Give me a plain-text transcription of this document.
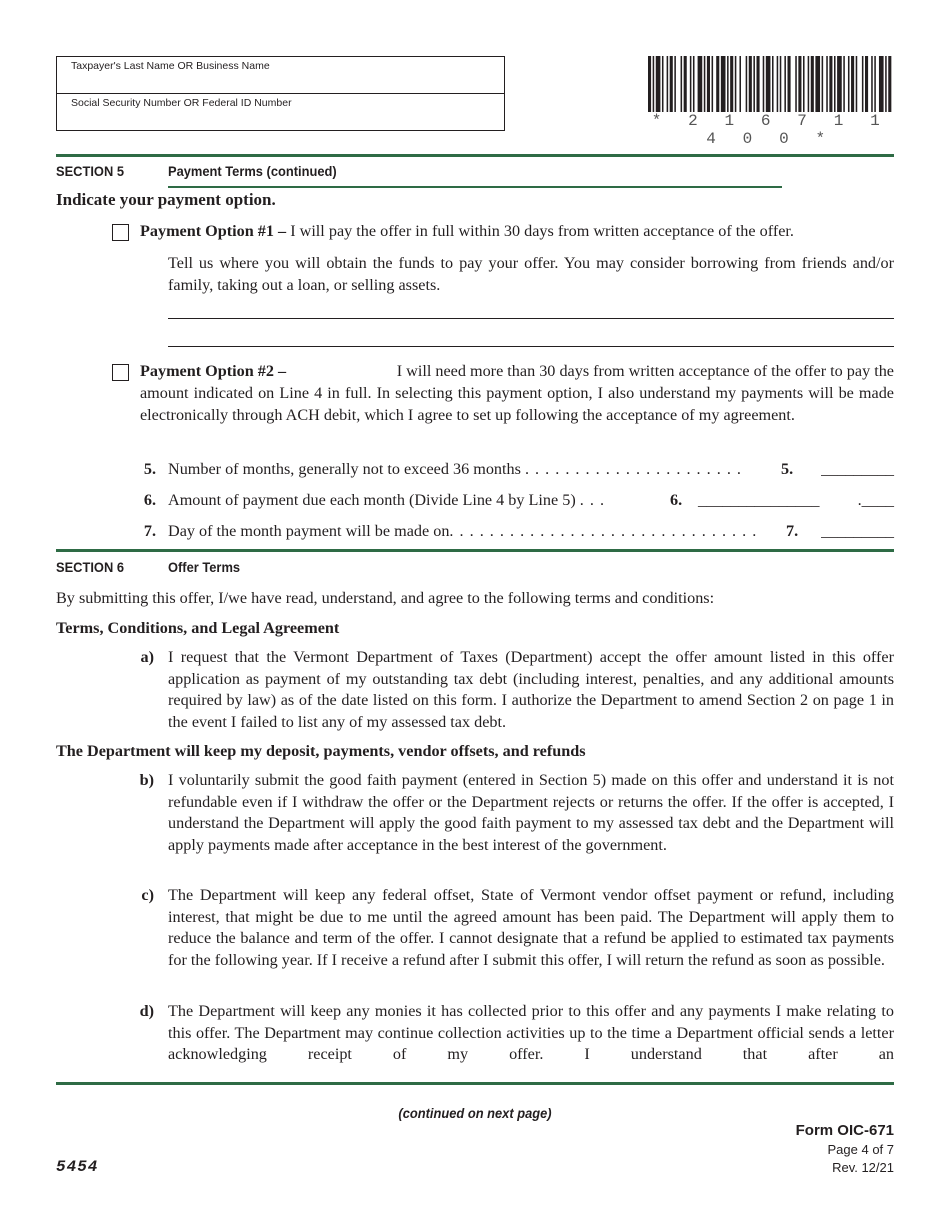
Taxpayer's Last Name OR Business Name
Social Security Number OR Federal ID Number
* 2 1 6 7 1 1 4 0 0 *
SECTION 5	Payment Terms (continued)
Indicate your payment option.
Payment Option #1 – I will pay the offer in full within 30 days from written acceptance of the offer.
Tell us where you will obtain the funds to pay your offer. You may consider borrowing from friends and/or family, taking out a loan, or selling assets.
Payment Option #2 –	I will need more than 30 days from written acceptance of the offer to pay the
amount indicated on Line 4 in full. In selecting this payment option, I also understand my payments will be made electronically through ACH debit, which I agree to set up following the acceptance of my agreement.
5. Number of months, generally not to exceed 36 months . . . . . . . . . . . . . . . . . . . . . . 5. _________
6. Amount of payment due each month (Divide Line 4 by Line 5) . . .	6. _______________ .____
7. Day of the month payment will be made on. . . . . . . . . . . . . . . . . . . . . . . . . . . . . . . 7. _________
SECTION 6	Offer Terms
By submitting this offer, I/we have read, understand, and agree to the following terms and conditions:
Terms, Conditions, and Legal Agreement
a) I request that the Vermont Department of Taxes (Department) accept the offer amount listed in this offer application as payment of my outstanding tax debt (including interest, penalties, and any additional amounts required by law) as of the date listed on this form. I authorize the Department to amend Section 2 on page 1 in the event I failed to list any of my assessed tax debt.
The Department will keep my deposit, payments, vendor offsets, and refunds
b) I voluntarily submit the good faith payment (entered in Section 5) made on this offer and understand it is not refundable even if I withdraw the offer or the Department rejects or returns the offer. If the offer is accepted, I understand the Department will apply the good faith payment to my assessed tax debt and the Department will apply payments made after acceptance in the best interest of the government.
c) The Department will keep any federal offset, State of Vermont vendor offset payment or refund, including interest, that might be due to me until the agreed amount has been paid. The Department will apply them to reduce the balance and term of the offer. I cannot designate that a refund be applied to estimated tax payments for the following year. If I receive a refund after I submit this offer, I will return the refund as soon as possible.
d) The Department will keep any monies it has collected prior to this offer and any payments I make relating to this offer. The Department may continue collection activities up to the time a Department official sends a letter acknowledging receipt of my offer. I understand that after an
(continued on next page)
Form OIC-671
Page 4 of 7
Rev. 12/21
5454
